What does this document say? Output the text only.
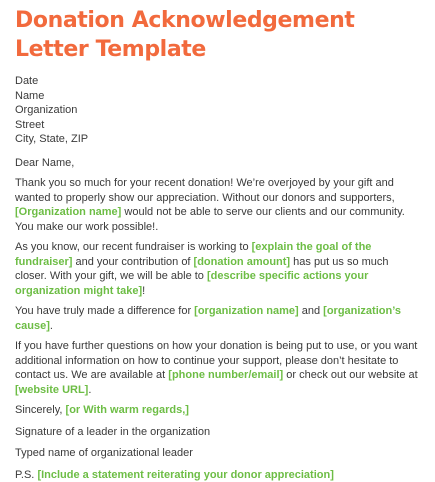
Donation Acknowledgement
Letter Template
Date
Name
Organization
Street
City, State, ZIP

Dear Name,

Thank you so much for your recent donation! We’re overjoyed by your gift and wanted to properly show our appreciation. Without our donors and supporters, [Organization name] would not be able to serve our clients and our community. You make our work possible!.

As you know, our recent fundraiser is working to [explain the goal of the fundraiser] and your contribution of [donation amount] has put us so much closer. With your gift, we will be able to [describe specific actions your organization might take]!

You have truly made a difference for [organization name] and [organization’s cause].

If you have further questions on how your donation is being put to use, or you want additional information on how to continue your support, please don’t hesitate to contact us. We are available at [phone number/email] or check out our website at [website URL].

Sincerely, [or With warm regards,]

Signature of a leader in the organization

Typed name of organizational leader

P.S. [Include a statement reiterating your donor appreciation]
